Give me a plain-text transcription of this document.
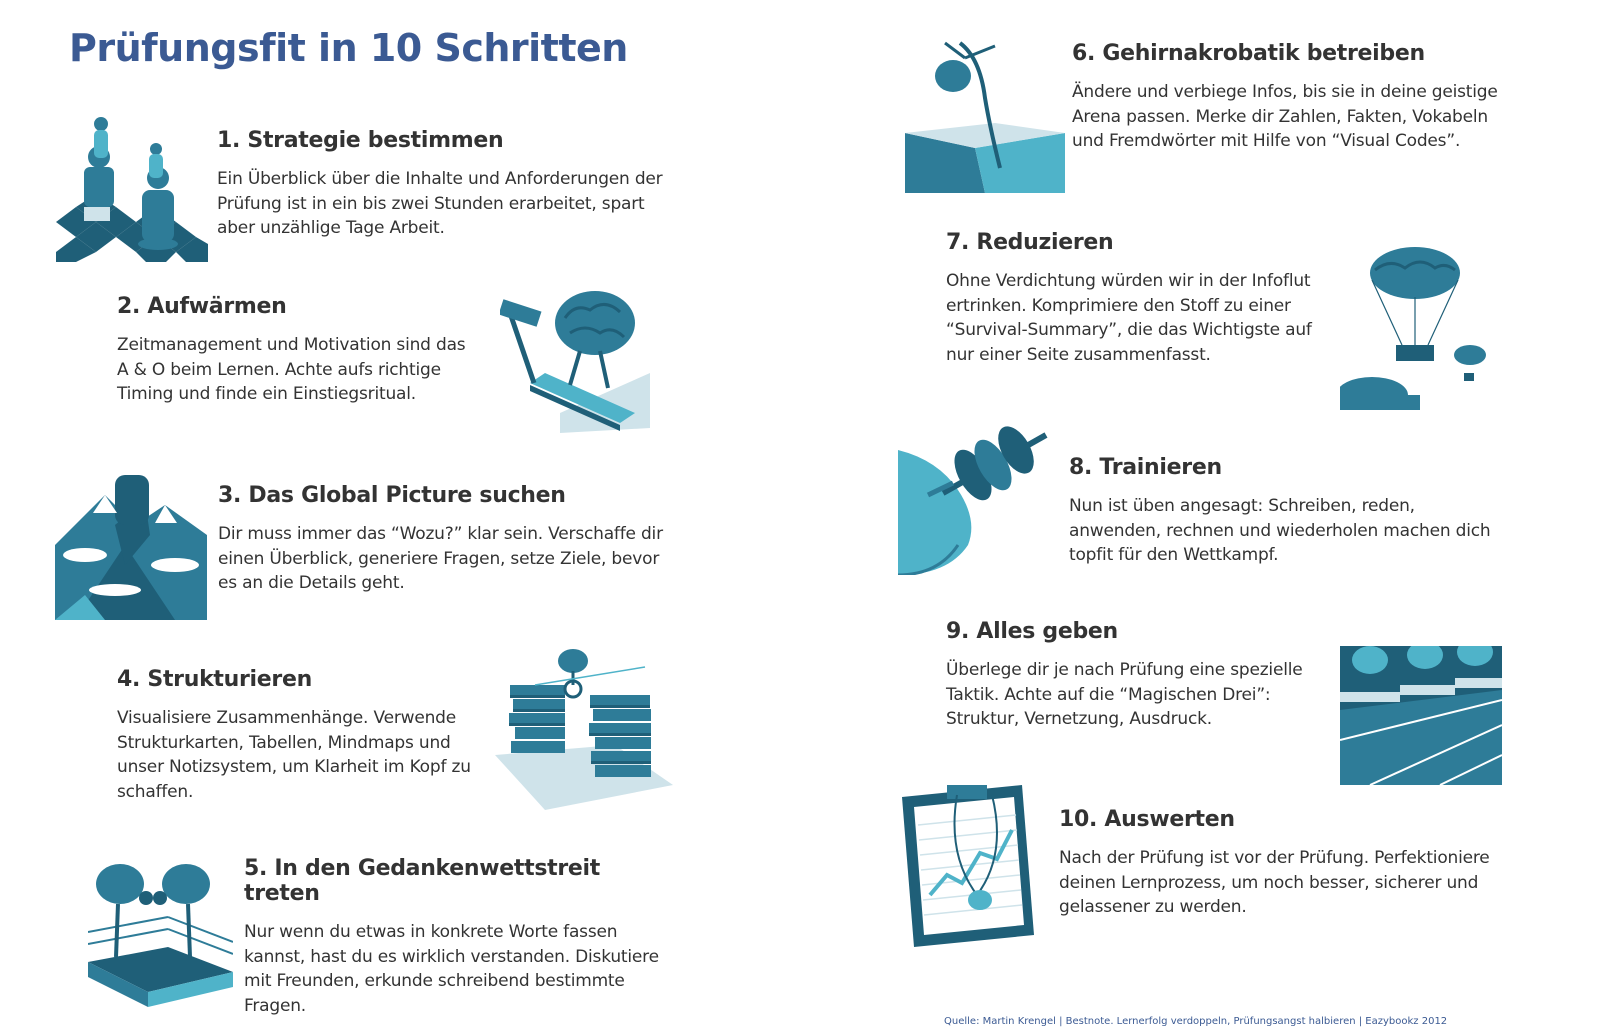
Prüfungsfit in 10 Schritten
1. Strategie bestimmen

Ein Überblick über die Inhalte und Anforderungen der Prüfung ist in ein bis zwei Stunden erarbeitet, spart aber unzählige Tage Arbeit.

2. Aufwärmen

Zeitmanagement und Motivation sind das A & O beim Lernen. Achte aufs richtige Timing und finde ein Einstiegsritual.

3. Das Global Picture suchen

Dir muss immer das “Wozu?” klar sein. Verschaffe dir einen Überblick, generiere Fragen, setze Ziele, bevor es an die Details geht.

4. Strukturieren

Visualisiere Zusammenhänge. Verwende Strukturkarten, Tabellen, Mindmaps und unser Notizsystem, um Klarheit im Kopf zu schaffen.

5. In den Gedankenwettstreit treten

Nur wenn du etwas in konkrete Worte fassen kannst, hast du es wirklich verstanden. Diskutiere mit Freunden, erkunde schreibend bestimmte Fragen.

6. Gehirnakrobatik betreiben

Ändere und verbiege Infos, bis sie in deine geistige Arena passen. Merke dir Zahlen, Fakten, Vokabeln und Fremdwörter mit Hilfe von “Visual Codes”.

7. Reduzieren

Ohne Verdichtung würden wir in der Infoflut ertrinken. Komprimiere den Stoff zu einer “Survival-Summary”, die das Wichtigste auf nur einer Seite zusammenfasst.

8. Trainieren

Nun ist üben angesagt: Schreiben, reden, anwenden, rechnen und wiederholen machen dich topfit für den Wettkampf.

9. Alles geben

Überlege dir je nach Prüfung eine spezielle Taktik. Achte auf die “Magischen Drei”: Struktur, Vernetzung, Ausdruck.

10. Auswerten

Nach der Prüfung ist vor der Prüfung. Perfektioniere deinen Lernprozess, um noch besser, sicherer und gelassener zu werden.

Quelle: Martin Krengel | Bestnote. Lernerfolg verdoppeln, Prüfungsangst halbieren | Eazybookz 2012
